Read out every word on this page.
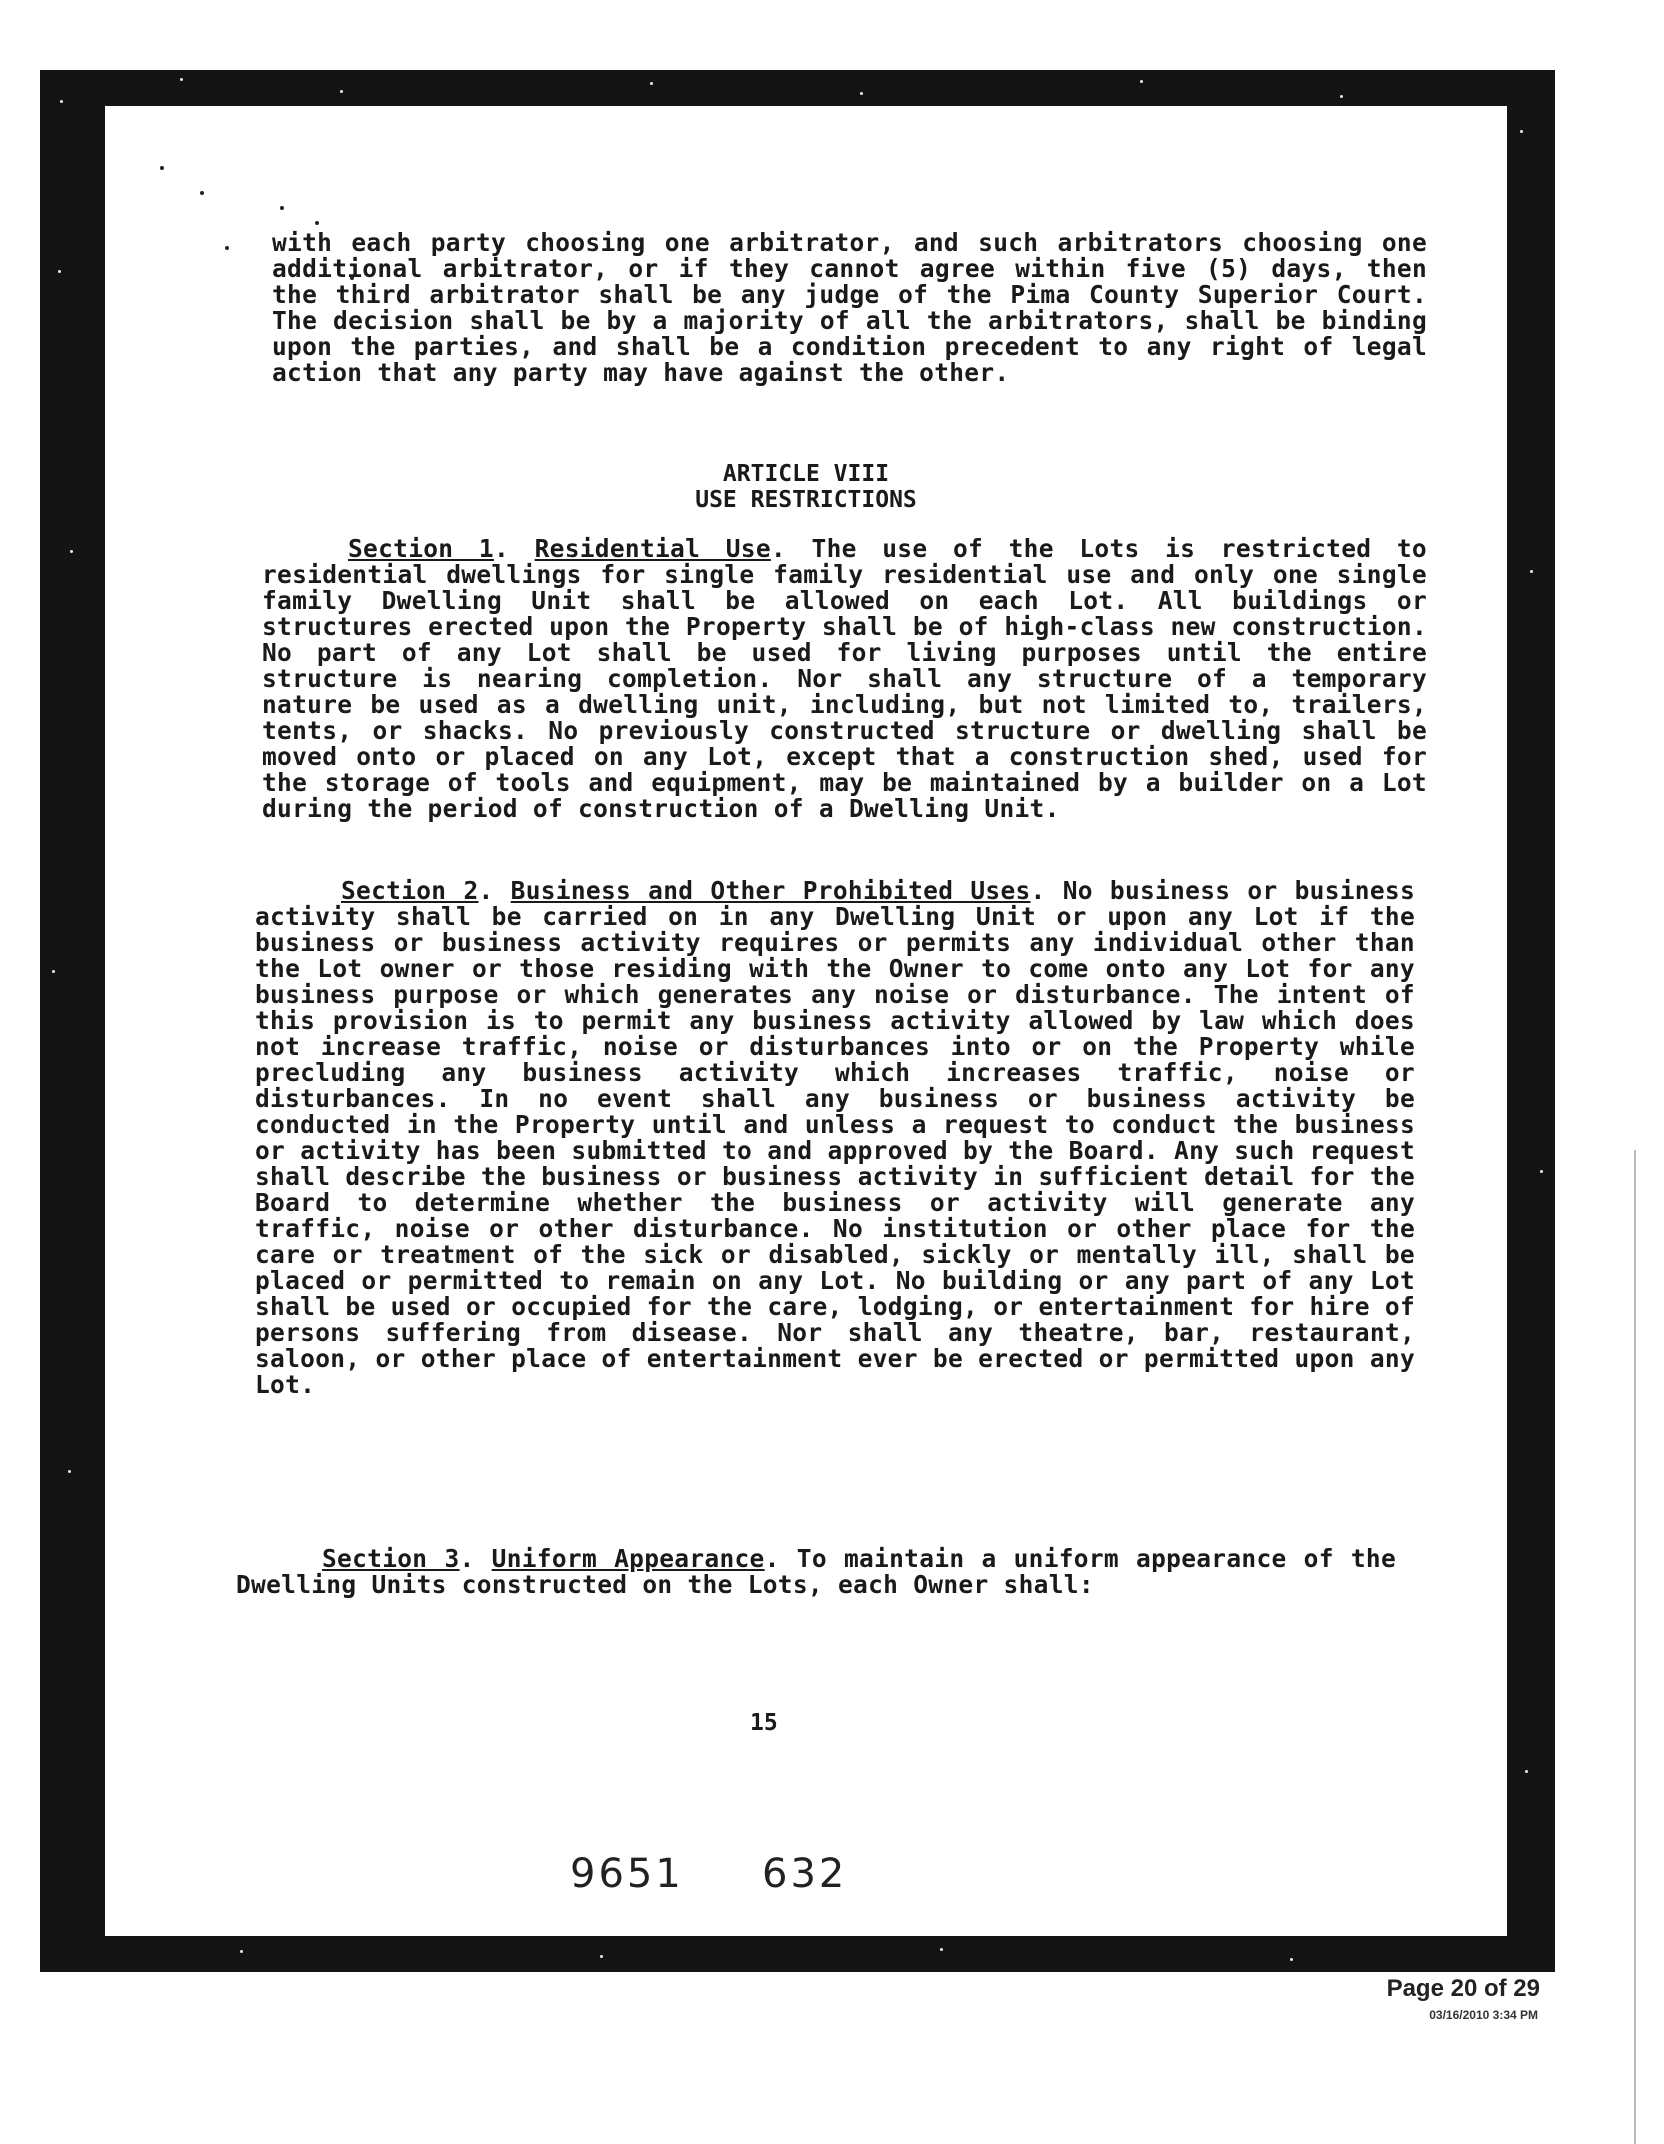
with each party choosing one arbitrator, and such arbitrators choosing one additional arbitrator, or if they cannot agree within five (5) days, then the third arbitrator shall be any judge of the Pima County Superior Court. The decision shall be by a majority of all the arbitrators, shall be binding upon the parties, and shall be a condition precedent to any right of legal action that any party may have against the other.

ARTICLE VIII
USE RESTRICTIONS

Section 1. Residential Use. The use of the Lots is restricted to residential dwellings for single family residential use and only one single family Dwelling Unit shall be allowed on each Lot. All buildings or structures erected upon the Property shall be of high-class new construction. No part of any Lot shall be used for living purposes until the entire structure is nearing completion. Nor shall any structure of a temporary nature be used as a dwelling unit, including, but not limited to, trailers, tents, or shacks. No previously constructed structure or dwelling shall be moved onto or placed on any Lot, except that a construction shed, used for the storage of tools and equipment, may be maintained by a builder on a Lot during the period of construction of a Dwelling Unit.

Section 2. Business and Other Prohibited Uses. No business or business activity shall be carried on in any Dwelling Unit or upon any Lot if the business or business activity requires or permits any individual other than the Lot owner or those residing with the Owner to come onto any Lot for any business purpose or which generates any noise or disturbance. The intent of this provision is to permit any business activity allowed by law which does not increase traffic, noise or disturbances into or on the Property while precluding any business activity which increases traffic, noise or disturbances. In no event shall any business or business activity be conducted in the Property until and unless a request to conduct the business or activity has been submitted to and approved by the Board. Any such request shall describe the business or business activity in sufficient detail for the Board to determine whether the business or activity will generate any traffic, noise or other disturbance. No institution or other place for the care or treatment of the sick or disabled, sickly or mentally ill, shall be placed or permitted to remain on any Lot. No building or any part of any Lot shall be used or occupied for the care, lodging, or entertainment for hire of persons suffering from disease. Nor shall any theatre, bar, restaurant, saloon, or other place of entertainment ever be erected or permitted upon any Lot.

Section 3. Uniform Appearance. To maintain a uniform appearance of the Dwelling Units constructed on the Lots, each Owner shall:

15
9651 632
Page 20 of 29
03/16/2010 3:34 PM
